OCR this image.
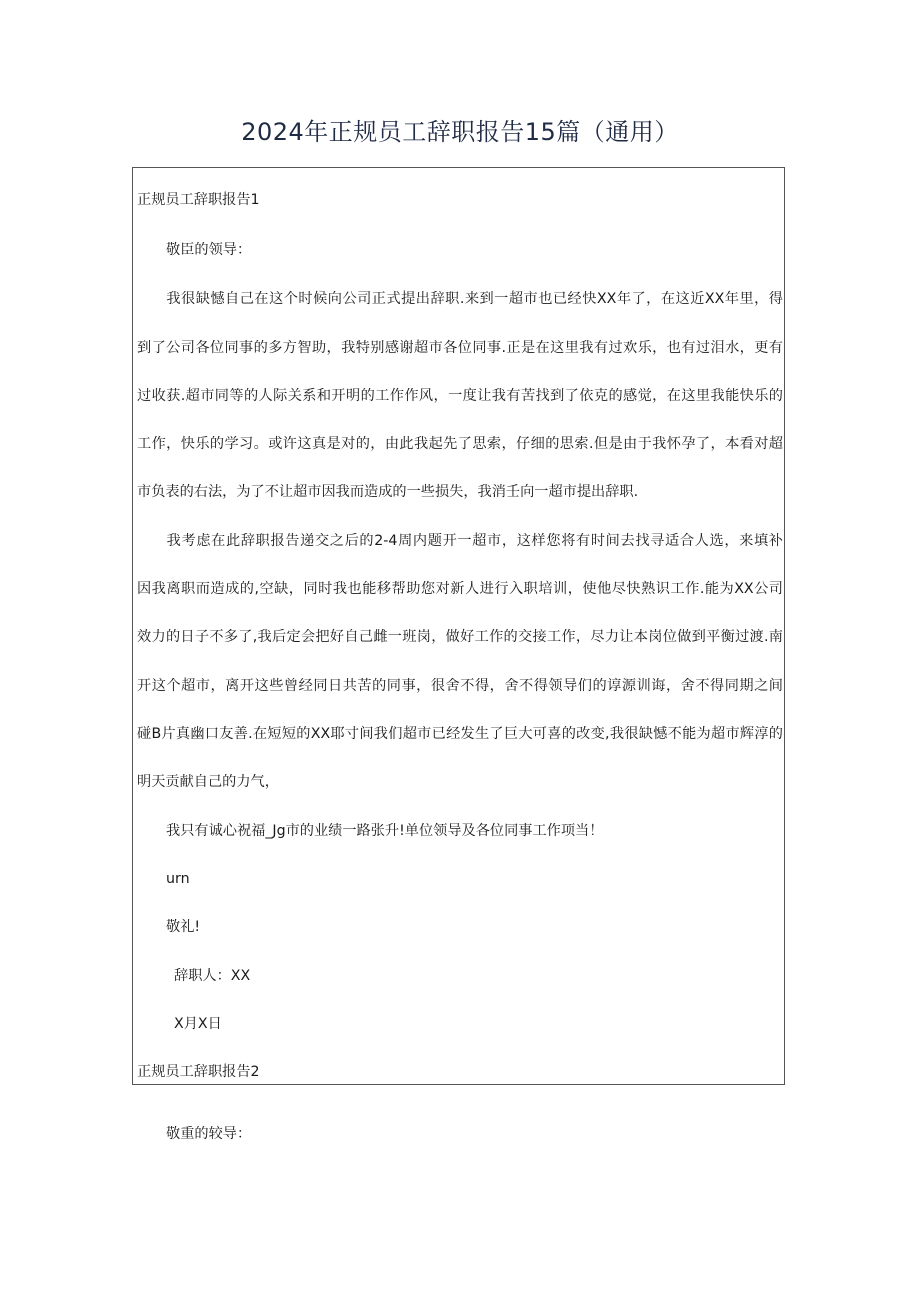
2024年正规员工辞职报告15篇（通用）

正规员工辞职报告1

敬臣的领导：

　　我很缺憾自己在这个时候向公司正式提出辞职.来到一超市也已经快XX年了，在这近XX年里，得

到了公司各位同事的多方智助，我特别感谢超市各位同事.正是在这里我有过欢乐，也有过泪水，更有

过收获.超市同等的人际关系和开明的工作作风，一度让我有苦找到了依克的感觉，在这里我能快乐的

工作，快乐的学习。或许这真是对的，由此我起先了思索，仔细的思索.但是由于我怀孕了，本看对超

市负表的右法，为了不让超市因我而造成的一些损失，我消壬向一超市提出辞职.

　　我考虑在此辞职报告递交之后的2-4周内题开一超市，这样您将有时间去找寻适合人选，来填补

因我离职而造成的,空缺，同时我也能移帮助您对新人进行入职培训，使他尽快熟识工作.能为XX公司

效力的日子不多了,我后定会把好自己雌一班岗，做好工作的交接工作，尽力让本岗位做到平衡过渡.南

开这个超市，离开这些曾经同日共苦的同事，很舍不得，舍不得领导们的谆源训诲，舍不得同期之间

碰B片真幽口友善.在短短的XX耶寸间我们超市已经发生了巨大可喜的改变,我很缺憾不能为超市辉淳的

明天贡献自己的力气，

我只有诚心祝福_Jg市的业绩一路张升!单位领导及各位同事工作项当！

urn

敬礼!

辞职人：XX

X月X日

正规员工辞职报告2

敬重的较导：
